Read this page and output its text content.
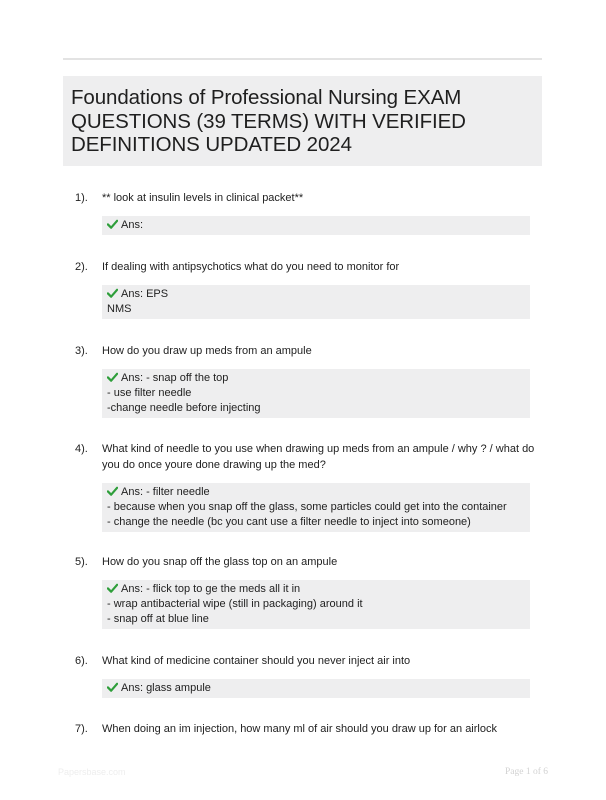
Foundations of Professional Nursing EXAM QUESTIONS (39 TERMS) WITH VERIFIED DEFINITIONS UPDATED 2024
1).	** look at insulin levels in clinical packet**
Ans:
2).	If dealing with antipsychotics what do you need to monitor for
Ans: EPS
NMS
3).	How do you draw up meds from an ampule
Ans: - snap off the top
- use filter needle
-change needle before injecting
4).	What kind of needle to you use when drawing up meds from an ampule / why ? / what do you do once youre done drawing up the med?
Ans: - filter needle
- because when you snap off the glass, some particles could get into the container
- change the needle (bc you cant use a filter needle to inject into someone)
5).	How do you snap off the glass top on an ampule
Ans: - flick top to ge the meds all it in
- wrap antibacterial wipe (still in packaging) around it
- snap off at blue line
6).	What kind of medicine container should you never inject air into
Ans: glass ampule
7).	When doing an im injection, how many ml of air should you draw up for an airlock
Papersbase.com	Page 1 of 6
